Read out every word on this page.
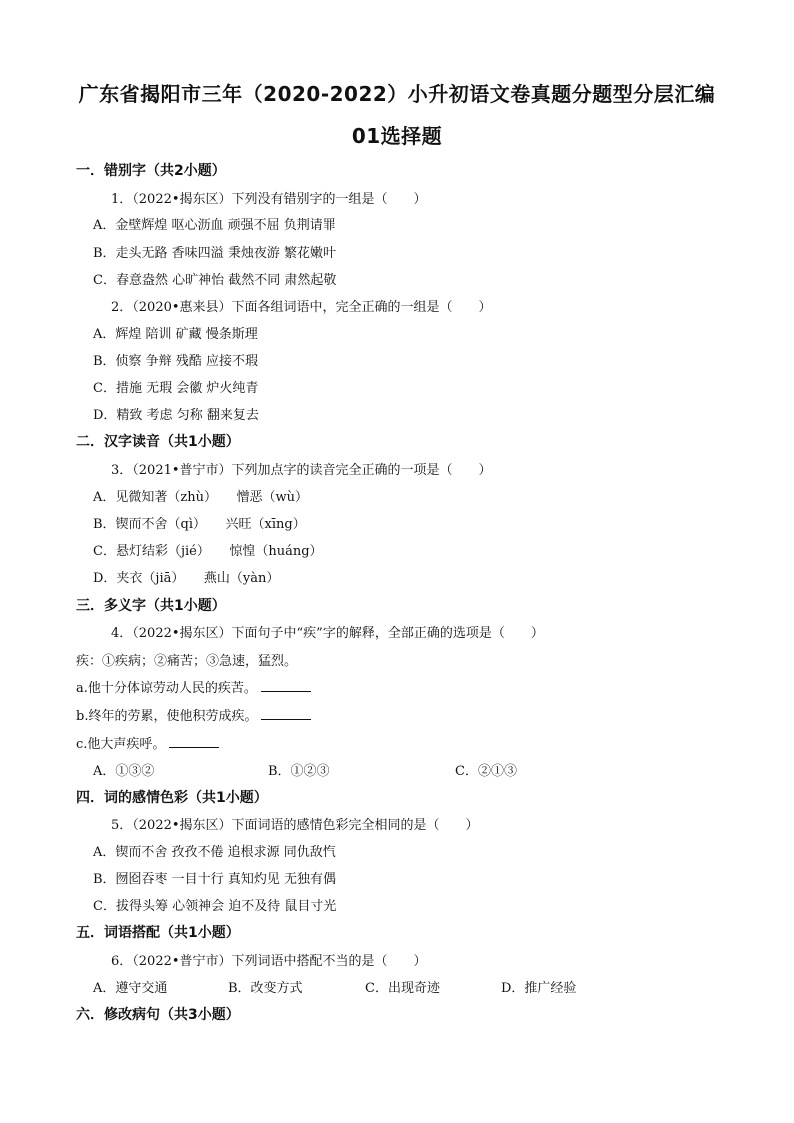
广东省揭阳市三年（2020-2022）小升初语文卷真题分题型分层汇编
01选择题
一．错别字（共2小题）
1．（2022•揭东区）下列没有错别字的一组是（　　）
A．金壁辉煌 呕心沥血 顽强不屈 负荆请罪
B．走头无路 香味四溢 秉烛夜游 繁花嫩叶
C．春意盎然 心旷神怡 截然不同 肃然起敬
2．（2020•惠来县）下面各组词语中，完全正确的一组是（　　）
A．辉煌 陪训 矿藏 慢条斯理
B．侦察 争辩 残酷 应接不瑕
C．措施 无瑕 会徽 炉火纯青
D．精致 考虑 匀称 翻来复去
二．汉字读音（共1小题）
3．（2021•普宁市）下列加点字的读音完全正确的一项是（　　）
A．见微知著（zhù）　　憎恶（wù）
B．锲而不舍（qì）　　兴旺（xīng）
C．悬灯结彩（jié）　　惊惶（huáng）
D．夹衣（jiā）　　燕山（yàn）
三．多义字（共1小题）
4．（2022•揭东区）下面句子中“疾”字的解释，全部正确的选项是（　　）
疾：①疾病；②痛苦；③急速，猛烈。
a.他十分体谅劳动人民的疾苦。
b.终年的劳累，使他积劳成疾。
c.他大声疾呼。
A．①③②	B．①②③	C．②①③
四．词的感情色彩（共1小题）
5．（2022•揭东区）下面词语的感情色彩完全相同的是（　　）
A．锲而不舍 孜孜不倦 追根求源 同仇敌忾
B．囫囵吞枣 一目十行 真知灼见 无独有偶
C．拔得头筹 心领神会 迫不及待 鼠目寸光
五．词语搭配（共1小题）
6．（2022•普宁市）下列词语中搭配不当的是（　　）
A．遵守交通	B．改变方式	C．出现奇迹	D．推广经验
六．修改病句（共3小题）
